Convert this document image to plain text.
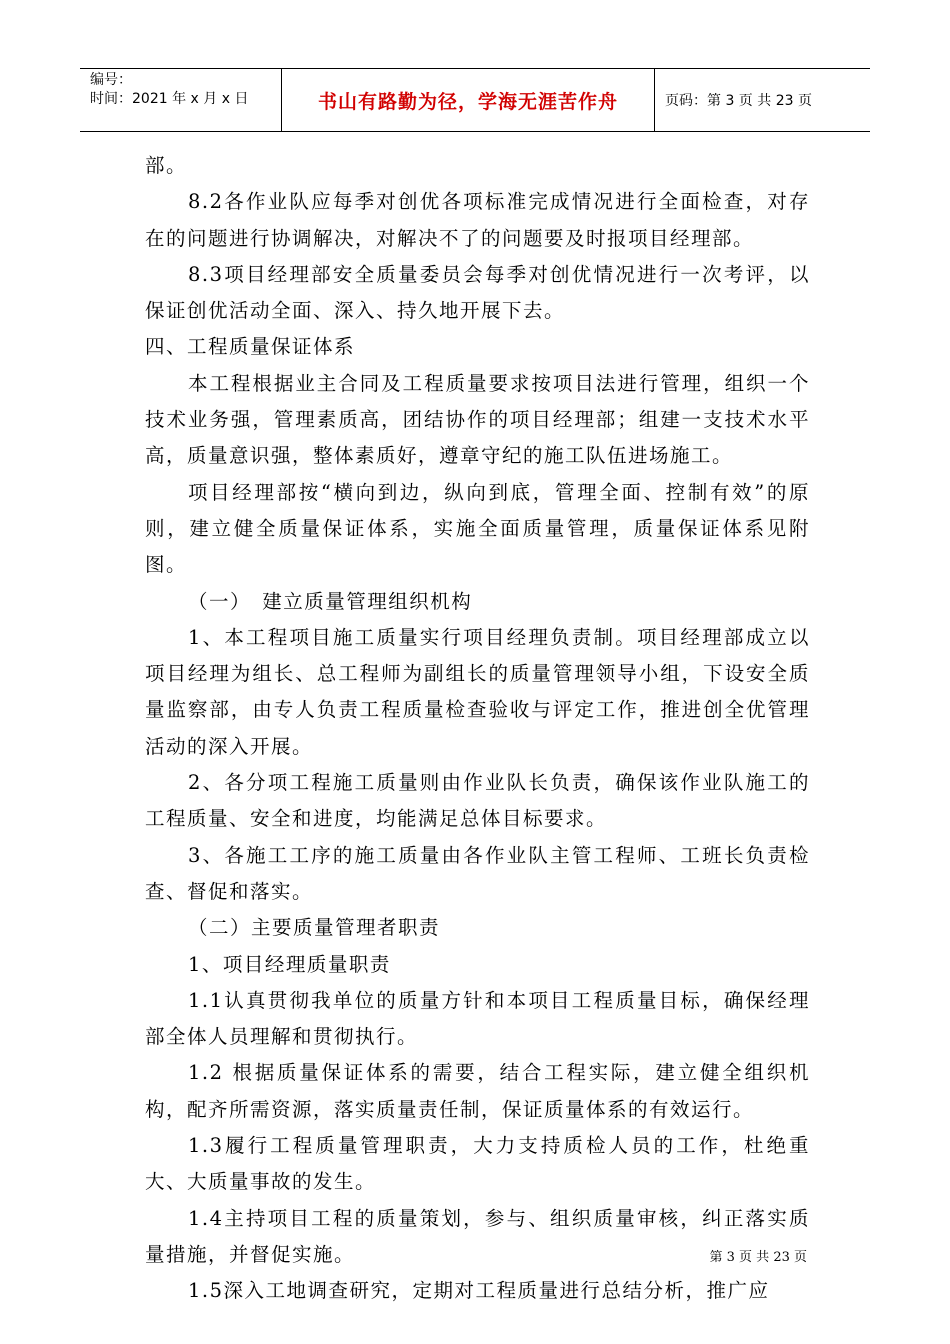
编号：
时间：2021 年 x 月 x 日	书山有路勤为径，学海无涯苦作舟	页码：第 3 页 共 23 页

部。

8.2各作业队应每季对创优各项标准完成情况进行全面检查，对存在的问题进行协调解决，对解决不了的问题要及时报项目经理部。

8.3项目经理部安全质量委员会每季对创优情况进行一次考评，以保证创优活动全面、深入、持久地开展下去。

四、工程质量保证体系

本工程根据业主合同及工程质量要求按项目法进行管理，组织一个技术业务强，管理素质高，团结协作的项目经理部；组建一支技术水平高，质量意识强，整体素质好，遵章守纪的施工队伍进场施工。

项目经理部按“横向到边，纵向到底，管理全面、控制有效”的原则，建立健全质量保证体系，实施全面质量管理，质量保证体系见附图。

（一）　建立质量管理组织机构

1、本工程项目施工质量实行项目经理负责制。项目经理部成立以项目经理为组长、总工程师为副组长的质量管理领导小组，下设安全质量监察部，由专人负责工程质量检查验收与评定工作，推进创全优管理活动的深入开展。

2、各分项工程施工质量则由作业队长负责，确保该作业队施工的工程质量、安全和进度，均能满足总体目标要求。

3、各施工工序的施工质量由各作业队主管工程师、工班长负责检查、督促和落实。

（二）主要质量管理者职责

1、项目经理质量职责

1.1认真贯彻我单位的质量方针和本项目工程质量目标，确保经理部全体人员理解和贯彻执行。

1.2 根据质量保证体系的需要，结合工程实际，建立健全组织机构，配齐所需资源，落实质量责任制，保证质量体系的有效运行。

1.3履行工程质量管理职责，大力支持质检人员的工作，杜绝重大、大质量事故的发生。

1.4主持项目工程的质量策划，参与、组织质量审核，纠正落实质量措施，并督促实施。

1.5深入工地调查研究，定期对工程质量进行总结分析，推广应

第 3 页 共 23 页
